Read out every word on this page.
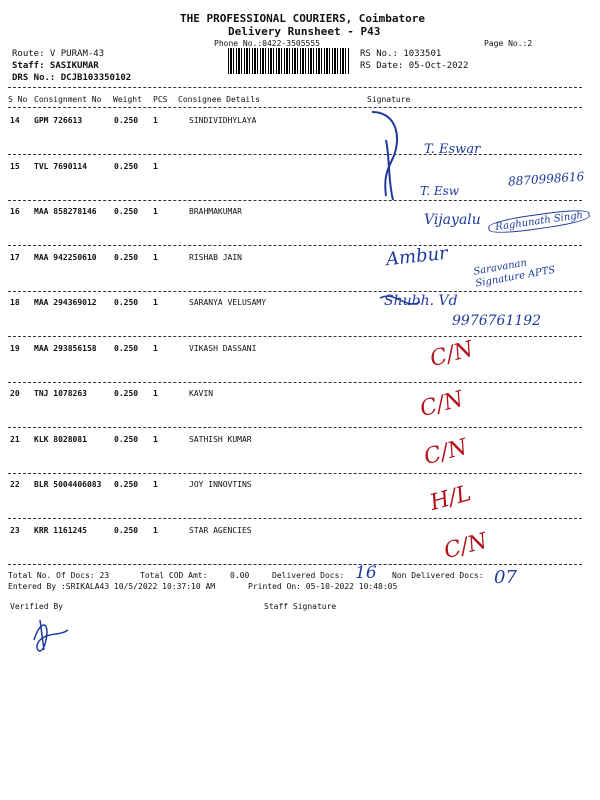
THE PROFESSIONAL COURIERS, Coimbatore
Delivery Runsheet - P43
Phone No.:0422-3505555	Page No.:2
Route: V PURAM-43
Staff: SASIKUMAR
DRS No.: DCJB103350102
RS No.: 1033501
RS Date: 05-Oct-2022
S No Consignment No Weight PCS Consignee Details	Signature
14 GPM 726613	0.250 1	SINDIVIDHYLAYA
15 TVL 7690114	0.250 1
16 MAA 858278146 0.250 1	BRAHMAKUMAR
17 MAA 942250610 0.250 1	RISHAB JAIN
18 MAA 294369012 0.250 1	SARANYA VELUSAMY
19 MAA 293856158 0.250 1	VIKASH DASSANI
20 TNJ 1078263	0.250 1	KAVIN
21 KLK 8028081	0.250 1	SATHISH KUMAR
22 BLR 5004406083 0.250 1	JOY INNOVTINS
23 KRR 1161245	0.250 1	STAR AGENCIES
T. Eswar
8870998616
T. Esw
Vijayalu	Raghunath Singh
Ambur Saravanan Signature APTS
Shubh. Vd
9976761192
C/N
C/N
C/N
H/L
C/N
Total No. Of Docs: 23	Total COD Amt:	0.00	Delivered Docs: 16 Non Delivered Docs: 07
Entered By :SRIKALA43 10/5/2022 10:37:10 AM	Printed On: 05-10-2022 10:48:05
Verified By	Staff Signature
